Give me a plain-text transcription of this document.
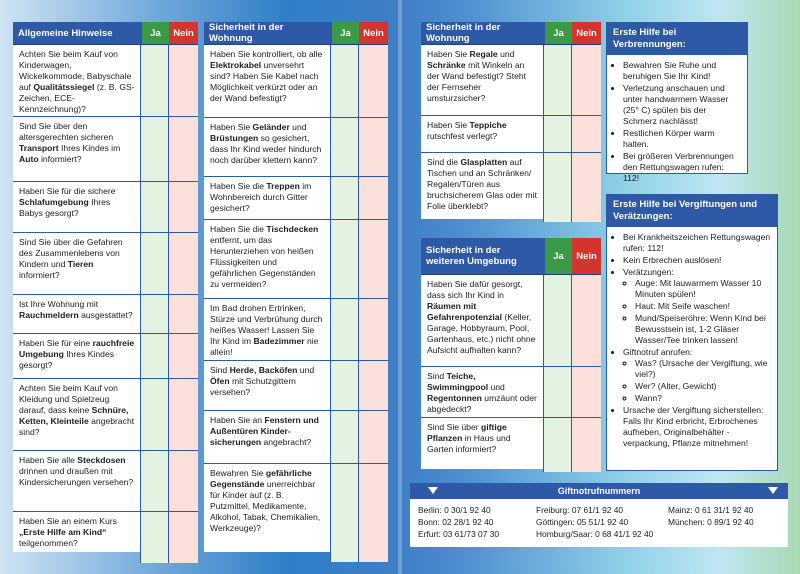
Allgemeine Hinweise	Ja	Nein
Achten Sie beim Kauf von Kinderwagen, Wickelkommode, Babyschale auf Qualitätssiegel (z. B. GS-Zeichen, ECE-Kennzeichnung)?
Sind Sie über den altersgerechten sicheren Transport Ihres Kindes im Auto informiert?
Haben Sie für die sichere Schlafumgebung Ihres Babys gesorgt?
Sind Sie über die Gefahren des Zusammenlebens von Kindern und Tieren informiert?
Ist Ihre Wohnung mit Rauchmeldern ausgestattet?
Haben Sie für eine rauchfreie Umgebung Ihres Kindes gesorgt?
Achten Sie beim Kauf von Kleidung und Spielzeug darauf, dass keine Schnüre, Ketten, Kleinteile angebracht sind?
Haben Sie alle Steckdosen drinnen und draußen mit Kindersicherungen versehen?
Haben Sie an einem Kurs „Erste Hilfe am Kind“ teilgenommen?
Sicherheit in der Wohnung	Ja	Nein
Haben Sie kontrolliert, ob alle Elektrokabel unversehrt sind? Haben Sie Kabel nach Möglichkeit verkürzt oder an der Wand befestigt?
Haben Sie Geländer und Brüstungen so gesichert, dass Ihr Kind weder hindurch noch darüber klettern kann?
Haben Sie die Treppen im Wohnbereich durch Gitter gesichert?
Haben Sie die Tischdecken entfernt, um das Herunterziehen von heißen Flüssigkeiten und gefährlichen Gegenständen zu vermeiden?
Im Bad drohen Ertrinken, Stürze und Verbrühung durch heißes Wasser! Lassen Sie Ihr Kind im Badezimmer nie allein!
Sind Herde, Backöfen und Öfen mit Schutzgittern versehen?
Haben Sie an Fenstern und Außentüren Kinder-sicherungen angebracht?
Bewahren Sie gefährliche Gegenstände unerreichbar für Kinder auf (z. B. Putzmittel, Medikamente, Alkohol, Tabak, Chemikalien, Werkzeuge)?
Sicherheit in der Wohnung	Ja	Nein
Haben Sie Regale und Schränke mit Winkeln an der Wand befestigt? Steht der Fernseher umsturzsicher?
Haben Sie Teppiche rutschfest verlegt?
Sind die Glasplatten auf Tischen und an Schränken/ Regalen/Türen aus bruchsicherem Glas oder mit Folie überklebt?
Sicherheit in der weiteren Umgebung	Ja	Nein
Haben Sie dafür gesorgt, dass sich Ihr Kind in Räumen mit Gefahrenpotenzial (Keller, Garage, Hobbyraum, Pool, Gartenhaus, etc.) nicht ohne Aufsicht aufhalten kann?
Sind Teiche, Swimmingpool und Regentonnen umzäunt oder abgedeckt?
Sind Sie über giftige Pflanzen in Haus und Garten informiert?
Erste Hilfe bei Verbrennungen:
• Bewahren Sie Ruhe und beruhigen Sie Ihr Kind!
• Verletzung anschauen und unter handwarmem Wasser (25° C) spülen bis der Schmerz nachlässt!
• Restlichen Körper warm halten.
• Bei größeren Verbrennungen den Rettungswagen rufen: 112!
Erste Hilfe bei Vergiftungen und Verätzungen:
• Bei Krankheitszeichen Rettungswagen rufen: 112!
• Kein Erbrechen auslösen!
• Verätzungen:
◦ Auge: Mit lauwarmem Wasser 10 Minuten spülen!
◦ Haut: Mit Seife waschen!
◦ Mund/Speiseröhre: Wenn Kind bei Bewusstsein ist, 1-2 Gläser Wasser/Tee trinken lassen!
• Giftnotruf anrufen:
◦ Was? (Ursache der Vergiftung, wie viel?)
◦ Wer? (Alter, Gewicht)
◦ Wann?
• Ursache der Vergiftung sicherstellen: Falls Ihr Kind erbricht, Erbrochenes aufheben, Originalbehälter -verpackung, Pflanze mitnehmen!
Giftnotrufnummern
Berlin: 0 30/1 92 40
Bonn: 02 28/1 92 40
Erfurt: 03 61/73 07 30
Freiburg: 07 61/1 92 40
Göttingen: 05 51/1 92 40
Homburg/Saar: 0 68 41/1 92 40
Mainz: 0 61 31/1 92 40
München: 0 89/1 92 40
